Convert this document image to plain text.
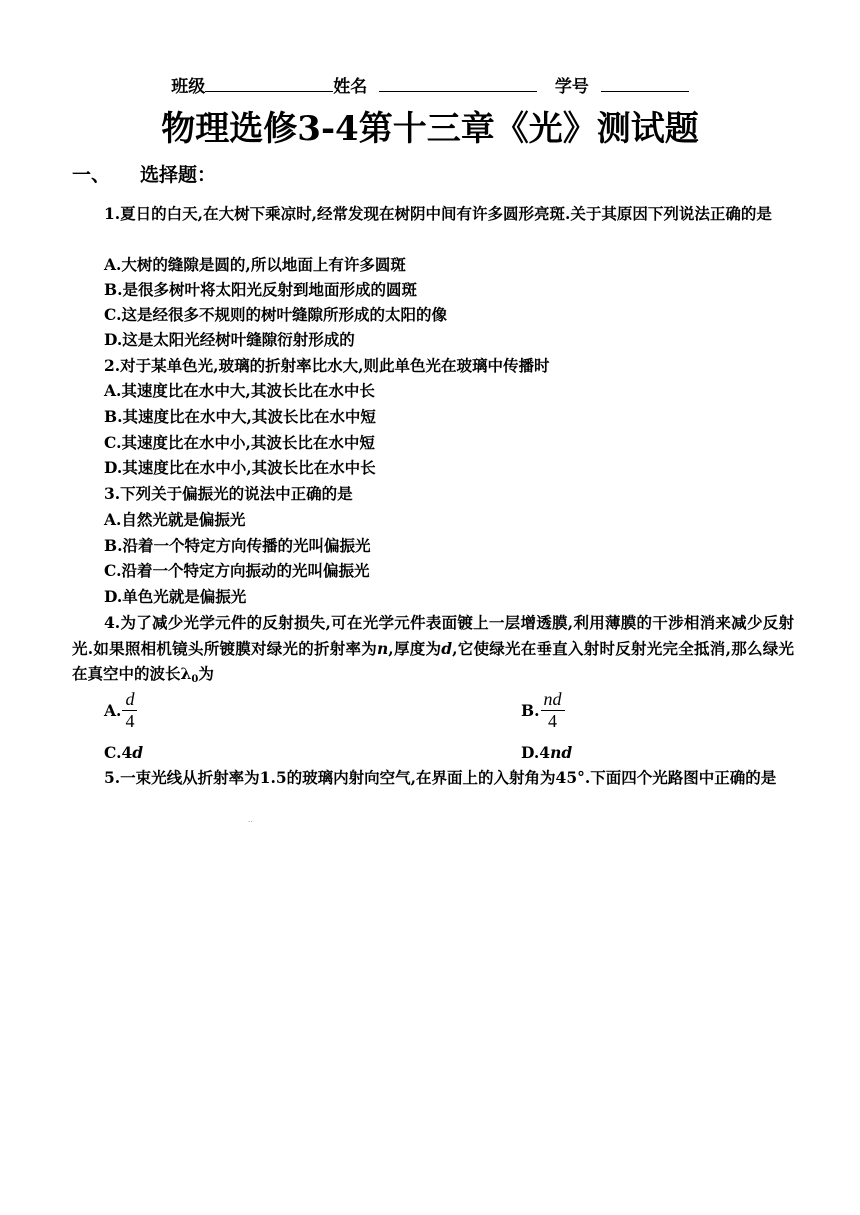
班级	姓名	学号
物理选修3-4第十三章《光》测试题
一、 选择题：
1.夏日的白天,在大树下乘凉时,经常发现在树阴中间有许多圆形亮斑.关于其原因下列说法正确的是
A.大树的缝隙是圆的,所以地面上有许多圆斑
B.是很多树叶将太阳光反射到地面形成的圆斑
C.这是经很多不规则的树叶缝隙所形成的太阳的像
D.这是太阳光经树叶缝隙衍射形成的
2.对于某单色光,玻璃的折射率比水大,则此单色光在玻璃中传播时
A.其速度比在水中大,其波长比在水中长
B.其速度比在水中大,其波长比在水中短
C.其速度比在水中小,其波长比在水中短
D.其速度比在水中小,其波长比在水中长
3.下列关于偏振光的说法中正确的是
A.自然光就是偏振光
B.沿着一个特定方向传播的光叫偏振光
C.沿着一个特定方向振动的光叫偏振光
D.单色光就是偏振光
4.为了减少光学元件的反射损失,可在光学元件表面镀上一层增透膜,利用薄膜的干涉相消来减少反射光.如果照相机镜头所镀膜对绿光的折射率为n,厚度为d,它使绿光在垂直入射时反射光完全抵消,那么绿光在真空中的波长λ0为
A. $\frac{d}{4}$	B. $\frac{nd}{4}$
C.4d	D.4nd
5.一束光线从折射率为1.5的玻璃内射向空气,在界面上的入射角为45°.下面四个光路图中正确的是
··
